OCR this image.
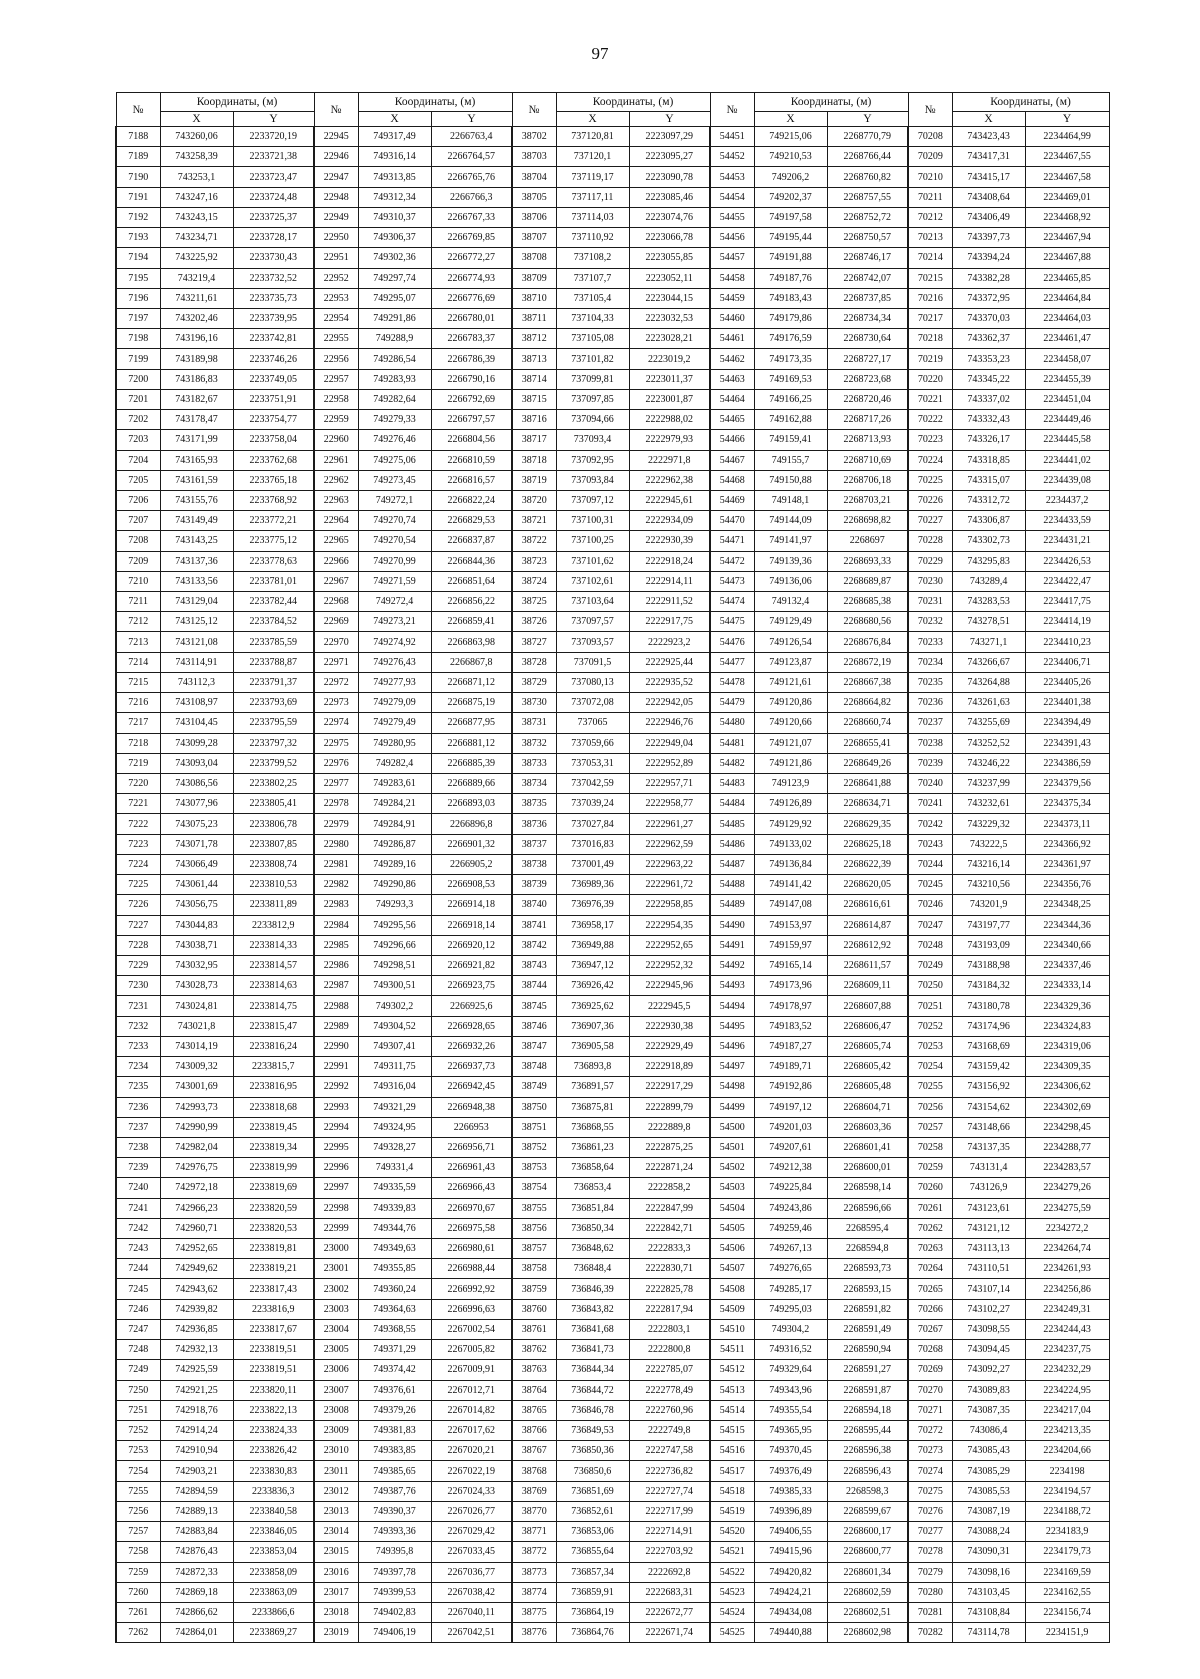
97
№	Координаты, (м)		№	Координаты, (м)		№	Координаты, (м)		№	Координаты, (м)		№	Координаты, (м)	
	X	Y		X	Y		X	Y		X	Y		X	Y
7188	743260,06	2233720,19	22945	749317,49	2266763,4	38702	737120,81	2223097,29	54451	749215,06	2268770,79	70208	743423,43	2234464,99
7189	743258,39	2233721,38	22946	749316,14	2266764,57	38703	737120,1	2223095,27	54452	749210,53	2268766,44	70209	743417,31	2234467,55
7190	743253,1	2233723,47	22947	749313,85	2266765,76	38704	737119,17	2223090,78	54453	749206,2	2268760,82	70210	743415,17	2234467,58
7191	743247,16	2233724,48	22948	749312,34	2266766,3	38705	737117,11	2223085,46	54454	749202,37	2268757,55	70211	743408,64	2234469,01
7192	743243,15	2233725,37	22949	749310,37	2266767,33	38706	737114,03	2223074,76	54455	749197,58	2268752,72	70212	743406,49	2234468,92
7193	743234,71	2233728,17	22950	749306,37	2266769,85	38707	737110,92	2223066,78	54456	749195,44	2268750,57	70213	743397,73	2234467,94
7194	743225,92	2233730,43	22951	749302,36	2266772,27	38708	737108,2	2223055,85	54457	749191,88	2268746,17	70214	743394,24	2234467,88
7195	743219,4	2233732,52	22952	749297,74	2266774,93	38709	737107,7	2223052,11	54458	749187,76	2268742,07	70215	743382,28	2234465,85
7196	743211,61	2233735,73	22953	749295,07	2266776,69	38710	737105,4	2223044,15	54459	749183,43	2268737,85	70216	743372,95	2234464,84
7197	743202,46	2233739,95	22954	749291,86	2266780,01	38711	737104,33	2223032,53	54460	749179,86	2268734,34	70217	743370,03	2234464,03
7198	743196,16	2233742,81	22955	749288,9	2266783,37	38712	737105,08	2223028,21	54461	749176,59	2268730,64	70218	743362,37	2234461,47
7199	743189,98	2233746,26	22956	749286,54	2266786,39	38713	737101,82	2223019,2	54462	749173,35	2268727,17	70219	743353,23	2234458,07
7200	743186,83	2233749,05	22957	749283,93	2266790,16	38714	737099,81	2223011,37	54463	749169,53	2268723,68	70220	743345,22	2234455,39
7201	743182,67	2233751,91	22958	749282,64	2266792,69	38715	737097,85	2223001,87	54464	749166,25	2268720,46	70221	743337,02	2234451,04
7202	743178,47	2233754,77	22959	749279,33	2266797,57	38716	737094,66	2222988,02	54465	749162,88	2268717,26	70222	743332,43	2234449,46
7203	743171,99	2233758,04	22960	749276,46	2266804,56	38717	737093,4	2222979,93	54466	749159,41	2268713,93	70223	743326,17	2234445,58
7204	743165,93	2233762,68	22961	749275,06	2266810,59	38718	737092,95	2222971,8	54467	749155,7	2268710,69	70224	743318,85	2234441,02
7205	743161,59	2233765,18	22962	749273,45	2266816,57	38719	737093,84	2222962,38	54468	749150,88	2268706,18	70225	743315,07	2234439,08
7206	743155,76	2233768,92	22963	749272,1	2266822,24	38720	737097,12	2222945,61	54469	749148,1	2268703,21	70226	743312,72	2234437,2
7207	743149,49	2233772,21	22964	749270,74	2266829,53	38721	737100,31	2222934,09	54470	749144,09	2268698,82	70227	743306,87	2234433,59
7208	743143,25	2233775,12	22965	749270,54	2266837,87	38722	737100,25	2222930,39	54471	749141,97	2268697	70228	743302,73	2234431,21
7209	743137,36	2233778,63	22966	749270,99	2266844,36	38723	737101,62	2222918,24	54472	749139,36	2268693,33	70229	743295,83	2234426,53
7210	743133,56	2233781,01	22967	749271,59	2266851,64	38724	737102,61	2222914,11	54473	749136,06	2268689,87	70230	743289,4	2234422,47
7211	743129,04	2233782,44	22968	749272,4	2266856,22	38725	737103,64	2222911,52	54474	749132,4	2268685,38	70231	743283,53	2234417,75
7212	743125,12	2233784,52	22969	749273,21	2266859,41	38726	737097,57	2222917,75	54475	749129,49	2268680,56	70232	743278,51	2234414,19
7213	743121,08	2233785,59	22970	749274,92	2266863,98	38727	737093,57	2222923,2	54476	749126,54	2268676,84	70233	743271,1	2234410,23
7214	743114,91	2233788,87	22971	749276,43	2266867,8	38728	737091,5	2222925,44	54477	749123,87	2268672,19	70234	743266,67	2234406,71
7215	743112,3	2233791,37	22972	749277,93	2266871,12	38729	737080,13	2222935,52	54478	749121,61	2268667,38	70235	743264,88	2234405,26
7216	743108,97	2233793,69	22973	749279,09	2266875,19	38730	737072,08	2222942,05	54479	749120,86	2268664,82	70236	743261,63	2234401,38
7217	743104,45	2233795,59	22974	749279,49	2266877,95	38731	737065	2222946,76	54480	749120,66	2268660,74	70237	743255,69	2234394,49
7218	743099,28	2233797,32	22975	749280,95	2266881,12	38732	737059,66	2222949,04	54481	749121,07	2268655,41	70238	743252,52	2234391,43
7219	743093,04	2233799,52	22976	749282,4	2266885,39	38733	737053,31	2222952,89	54482	749121,86	2268649,26	70239	743246,22	2234386,59
7220	743086,56	2233802,25	22977	749283,61	2266889,66	38734	737042,59	2222957,71	54483	749123,9	2268641,88	70240	743237,99	2234379,56
7221	743077,96	2233805,41	22978	749284,21	2266893,03	38735	737039,24	2222958,77	54484	749126,89	2268634,71	70241	743232,61	2234375,34
7222	743075,23	2233806,78	22979	749284,91	2266896,8	38736	737027,84	2222961,27	54485	749129,92	2268629,35	70242	743229,32	2234373,11
7223	743071,78	2233807,85	22980	749286,87	2266901,32	38737	737016,83	2222962,59	54486	749133,02	2268625,18	70243	743222,5	2234366,92
7224	743066,49	2233808,74	22981	749289,16	2266905,2	38738	737001,49	2222963,22	54487	749136,84	2268622,39	70244	743216,14	2234361,97
7225	743061,44	2233810,53	22982	749290,86	2266908,53	38739	736989,36	2222961,72	54488	749141,42	2268620,05	70245	743210,56	2234356,76
7226	743056,75	2233811,89	22983	749293,3	2266914,18	38740	736976,39	2222958,85	54489	749147,08	2268616,61	70246	743201,9	2234348,25
7227	743044,83	2233812,9	22984	749295,56	2266918,14	38741	736958,17	2222954,35	54490	749153,97	2268614,87	70247	743197,77	2234344,36
7228	743038,71	2233814,33	22985	749296,66	2266920,12	38742	736949,88	2222952,65	54491	749159,97	2268612,92	70248	743193,09	2234340,66
7229	743032,95	2233814,57	22986	749298,51	2266921,82	38743	736947,12	2222952,32	54492	749165,14	2268611,57	70249	743188,98	2234337,46
7230	743028,73	2233814,63	22987	749300,51	2266923,75	38744	736926,42	2222945,96	54493	749173,96	2268609,11	70250	743184,32	2234333,14
7231	743024,81	2233814,75	22988	749302,2	2266925,6	38745	736925,62	2222945,5	54494	749178,97	2268607,88	70251	743180,78	2234329,36
7232	743021,8	2233815,47	22989	749304,52	2266928,65	38746	736907,36	2222930,38	54495	749183,52	2268606,47	70252	743174,96	2234324,83
7233	743014,19	2233816,24	22990	749307,41	2266932,26	38747	736905,58	2222929,49	54496	749187,27	2268605,74	70253	743168,69	2234319,06
7234	743009,32	2233815,7	22991	749311,75	2266937,73	38748	736893,8	2222918,89	54497	749189,71	2268605,42	70254	743159,42	2234309,35
7235	743001,69	2233816,95	22992	749316,04	2266942,45	38749	736891,57	2222917,29	54498	749192,86	2268605,48	70255	743156,92	2234306,62
7236	742993,73	2233818,68	22993	749321,29	2266948,38	38750	736875,81	2222899,79	54499	749197,12	2268604,71	70256	743154,62	2234302,69
7237	742990,99	2233819,45	22994	749324,95	2266953	38751	736868,55	2222889,8	54500	749201,03	2268603,36	70257	743148,66	2234298,45
7238	742982,04	2233819,34	22995	749328,27	2266956,71	38752	736861,23	2222875,25	54501	749207,61	2268601,41	70258	743137,35	2234288,77
7239	742976,75	2233819,99	22996	749331,4	2266961,43	38753	736858,64	2222871,24	54502	749212,38	2268600,01	70259	743131,4	2234283,57
7240	742972,18	2233819,69	22997	749335,59	2266966,43	38754	736853,4	2222858,2	54503	749225,84	2268598,14	70260	743126,9	2234279,26
7241	742966,23	2233820,59	22998	749339,83	2266970,67	38755	736851,84	2222847,99	54504	749243,86	2268596,66	70261	743123,61	2234275,59
7242	742960,71	2233820,53	22999	749344,76	2266975,58	38756	736850,34	2222842,71	54505	749259,46	2268595,4	70262	743121,12	2234272,2
7243	742952,65	2233819,81	23000	749349,63	2266980,61	38757	736848,62	2222833,3	54506	749267,13	2268594,8	70263	743113,13	2234264,74
7244	742949,62	2233819,21	23001	749355,85	2266988,44	38758	736848,4	2222830,71	54507	749276,65	2268593,73	70264	743110,51	2234261,93
7245	742943,62	2233817,43	23002	749360,24	2266992,92	38759	736846,39	2222825,78	54508	749285,17	2268593,15	70265	743107,14	2234256,86
7246	742939,82	2233816,9	23003	749364,63	2266996,63	38760	736843,82	2222817,94	54509	749295,03	2268591,82	70266	743102,27	2234249,31
7247	742936,85	2233817,67	23004	749368,55	2267002,54	38761	736841,68	2222803,1	54510	749304,2	2268591,49	70267	743098,55	2234244,43
7248	742932,13	2233819,51	23005	749371,29	2267005,82	38762	736841,73	2222800,8	54511	749316,52	2268590,94	70268	743094,45	2234237,75
7249	742925,59	2233819,51	23006	749374,42	2267009,91	38763	736844,34	2222785,07	54512	749329,64	2268591,27	70269	743092,27	2234232,29
7250	742921,25	2233820,11	23007	749376,61	2267012,71	38764	736844,72	2222778,49	54513	749343,96	2268591,87	70270	743089,83	2234224,95
7251	742918,76	2233822,13	23008	749379,26	2267014,82	38765	736846,78	2222760,96	54514	749355,54	2268594,18	70271	743087,35	2234217,04
7252	742914,24	2233824,33	23009	749381,83	2267017,62	38766	736849,53	2222749,8	54515	749365,95	2268595,44	70272	743086,4	2234213,35
7253	742910,94	2233826,42	23010	749383,85	2267020,21	38767	736850,36	2222747,58	54516	749370,45	2268596,38	70273	743085,43	2234204,66
7254	742903,21	2233830,83	23011	749385,65	2267022,19	38768	736850,6	2222736,82	54517	749376,49	2268596,43	70274	743085,29	2234198
7255	742894,59	2233836,3	23012	749387,76	2267024,33	38769	736851,69	2222727,74	54518	749385,33	2268598,3	70275	743085,53	2234194,57
7256	742889,13	2233840,58	23013	749390,37	2267026,77	38770	736852,61	2222717,99	54519	749396,89	2268599,67	70276	743087,19	2234188,72
7257	742883,84	2233846,05	23014	749393,36	2267029,42	38771	736853,06	2222714,91	54520	749406,55	2268600,17	70277	743088,24	2234183,9
7258	742876,43	2233853,04	23015	749395,8	2267033,45	38772	736855,64	2222703,92	54521	749415,96	2268600,77	70278	743090,31	2234179,73
7259	742872,33	2233858,09	23016	749397,78	2267036,77	38773	736857,34	2222692,8	54522	749420,82	2268601,34	70279	743098,16	2234169,59
7260	742869,18	2233863,09	23017	749399,53	2267038,42	38774	736859,91	2222683,31	54523	749424,21	2268602,59	70280	743103,45	2234162,55
7261	742866,62	2233866,6	23018	749402,83	2267040,11	38775	736864,19	2222672,77	54524	749434,08	2268602,51	70281	743108,84	2234156,74
7262	742864,01	2233869,27	23019	749406,19	2267042,51	38776	736864,76	2222671,74	54525	749440,88	2268602,98	70282	743114,78	2234151,9
